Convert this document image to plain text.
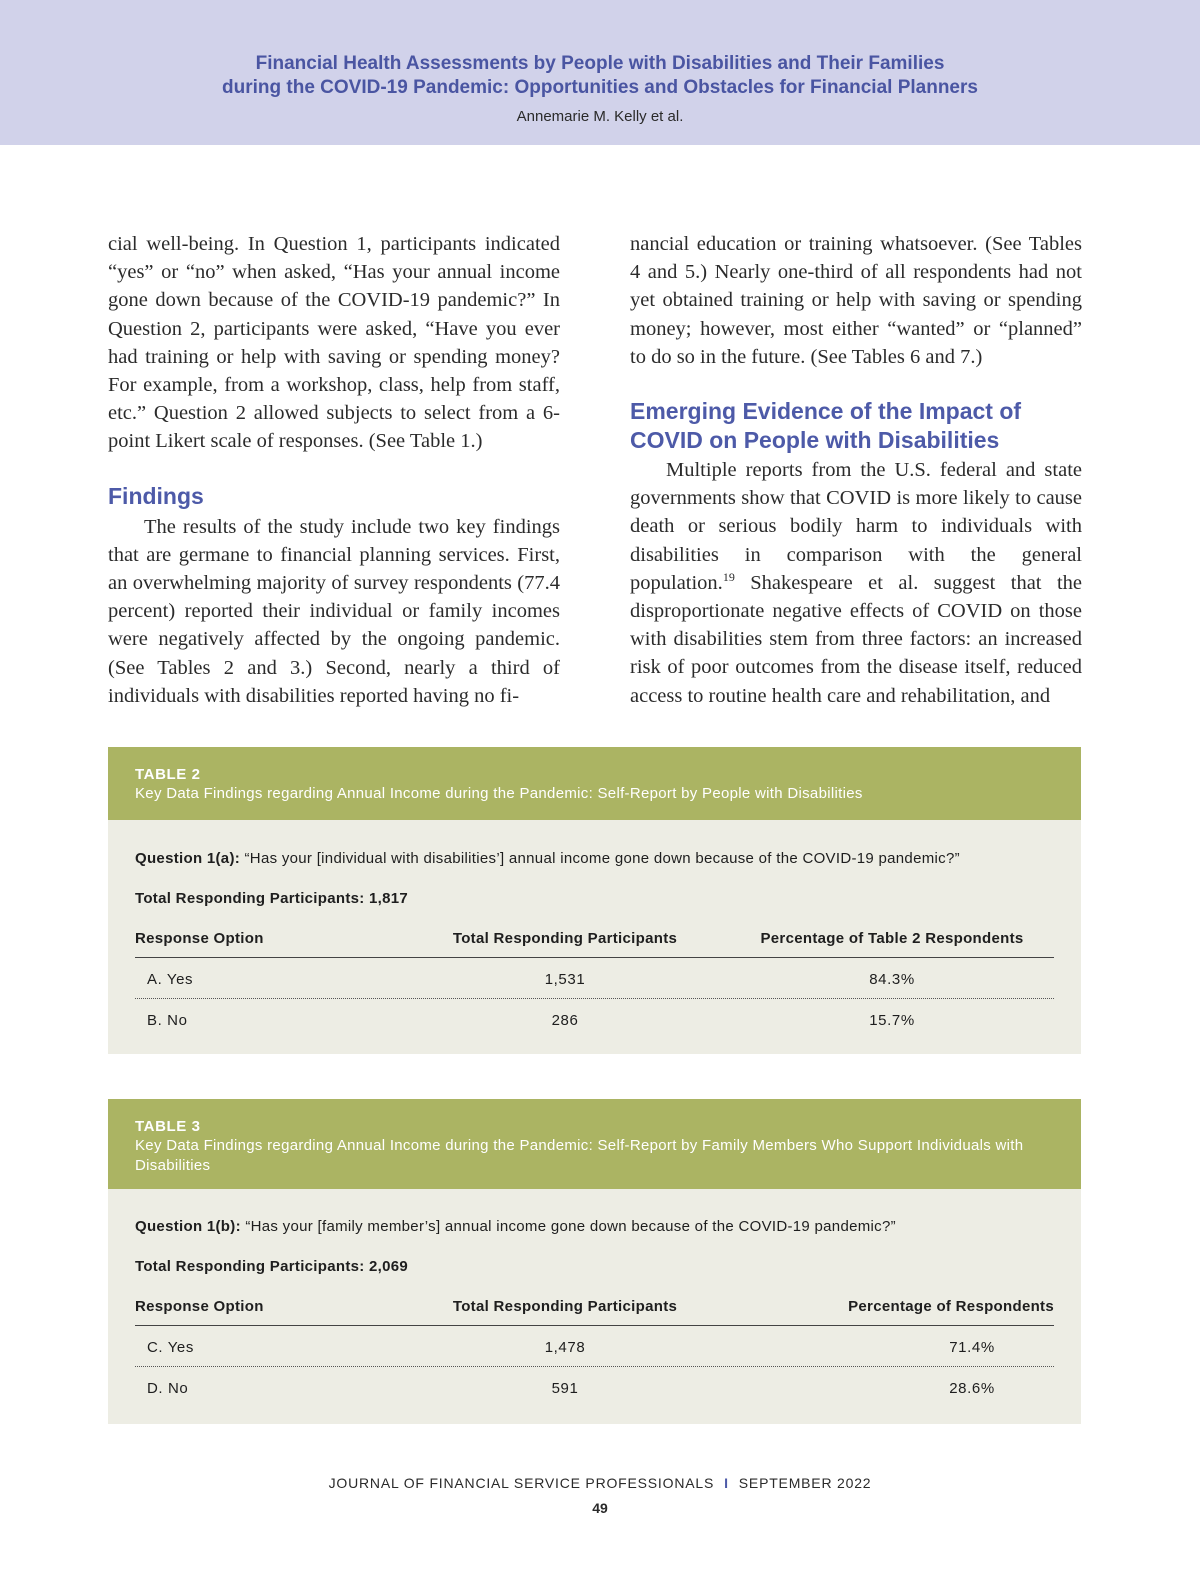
Financial Health Assessments by People with Disabilities and Their Families
during the COVID-19 Pandemic: Opportunities and Obstacles for Financial Planners
Annemarie M. Kelly et al.

cial well-being. In Question 1, participants indicated “yes” or “no” when asked, “Has your annual income gone down because of the COVID-19 pandemic?” In Question 2, participants were asked, “Have you ever had training or help with saving or spending money? For example, from a workshop, class, help from staff, etc.” Question 2 allowed subjects to select from a 6-point Likert scale of responses. (See Table 1.)

Findings

The results of the study include two key findings that are germane to financial planning services. First, an overwhelming majority of survey respondents (77.4 percent) reported their individual or family incomes were negatively affected by the ongoing pandemic. (See Tables 2 and 3.) Second, nearly a third of individuals with disabilities reported having no fi-

nancial education or training whatsoever. (See Tables 4 and 5.) Nearly one-third of all respondents had not yet obtained training or help with saving or spending money; however, most either “wanted” or “planned” to do so in the future. (See Tables 6 and 7.)

Emerging Evidence of the Impact of COVID on People with Disabilities

Multiple reports from the U.S. federal and state governments show that COVID is more likely to cause death or serious bodily harm to individuals with disabilities in comparison with the general population.$^{19}$ Shakespeare et al. suggest that the disproportionate negative effects of COVID on those with disabilities stem from three factors: an increased risk of poor outcomes from the disease itself, reduced access to routine health care and rehabilitation, and

TABLE 2
Key Data Findings regarding Annual Income during the Pandemic: Self-Report by People with Disabilities
Question 1(a): “Has your [individual with disabilities’] annual income gone down because of the COVID-19 pandemic?”
Total Responding Participants: 1,817
Response Option	Total Responding Participants	Percentage of Table 2 Respondents
A. Yes	1,531	84.3%
B. No	286	15.7%
TABLE 3
Key Data Findings regarding Annual Income during the Pandemic: Self-Report by Family Members Who Support Individuals with Disabilities
Question 1(b): “Has your [family member’s] annual income gone down because of the COVID-19 pandemic?”
Total Responding Participants: 2,069
Response Option	Total Responding Participants	Percentage of Respondents
C. Yes	1,478	71.4%
D. No	591	28.6%
JOURNAL OF FINANCIAL SERVICE PROFESSIONALS I SEPTEMBER 2022
49
